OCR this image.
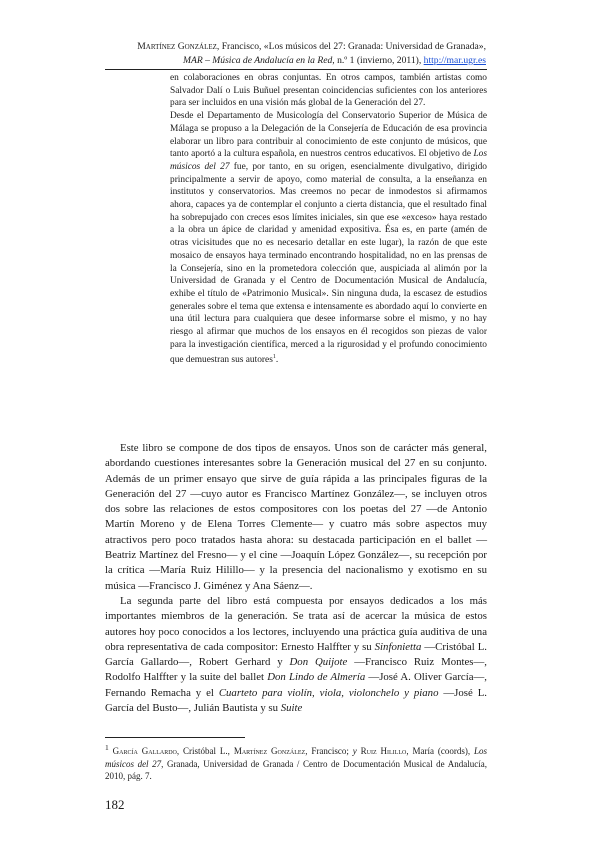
Martínez González, Francisco, «Los músicos del 27: Granada: Universidad de Granada»,
MAR – Música de Andalucía en la Red, n.º 1 (invierno, 2011), http://mar.ugr.es

en colaboraciones en obras conjuntas. En otros campos, también artistas como Salvador Dalí o Luis Buñuel presentan coincidencias suficientes con los anteriores para ser incluidos en una visión más global de la Generación del 27.

Desde el Departamento de Musicología del Conservatorio Superior de Música de Málaga se propuso a la Delegación de la Consejería de Educación de esa provincia elaborar un libro para contribuir al conocimiento de este conjunto de músicos, que tanto aportó a la cultura española, en nuestros centros educativos. El objetivo de Los músicos del 27 fue, por tanto, en su origen, esencialmente divulgativo, dirigido principalmente a servir de apoyo, como material de consulta, a la enseñanza en institutos y conservatorios. Mas creemos no pecar de inmodestos si afirmamos ahora, capaces ya de contemplar el conjunto a cierta distancia, que el resultado final ha sobrepujado con creces esos límites iniciales, sin que ese «exceso» haya restado a la obra un ápice de claridad y amenidad expositiva. Ésa es, en parte (amén de otras vicisitudes que no es necesario detallar en este lugar), la razón de que este mosaico de ensayos haya terminado encontrando hospitalidad, no en las prensas de la Consejería, sino en la prometedora colección que, auspiciada al alimón por la Universidad de Granada y el Centro de Documentación Musical de Andalucía, exhibe el título de «Patrimonio Musical». Sin ninguna duda, la escasez de estudios generales sobre el tema que extensa e intensamente es abordado aquí lo convierte en una útil lectura para cualquiera que desee informarse sobre el mismo, y no hay riesgo al afirmar que muchos de los ensayos en él recogidos son piezas de valor para la investigación científica, merced a la rigurosidad y el profundo conocimiento que demuestran sus autores$^1$.

Este libro se compone de dos tipos de ensayos. Unos son de carácter más general, abordando cuestiones interesantes sobre la Generación musical del 27 en su conjunto. Además de un primer ensayo que sirve de guía rápida a las principales figuras de la Generación del 27 —cuyo autor es Francisco Martínez González—, se incluyen otros dos sobre las relaciones de estos compositores con los poetas del 27 —de Antonio Martín Moreno y de Elena Torres Clemente— y cuatro más sobre aspectos muy atractivos pero poco tratados hasta ahora: su destacada participación en el ballet —Beatriz Martínez del Fresno— y el cine —Joaquín López González—, su recepción por la crítica —María Ruiz Hilillo— y la presencia del nacionalismo y exotismo en su música —Francisco J. Giménez y Ana Sáenz—.

La segunda parte del libro está compuesta por ensayos dedicados a los más importantes miembros de la generación. Se trata así de acercar la música de estos autores hoy poco conocidos a los lectores, incluyendo una práctica guía auditiva de una obra representativa de cada compositor: Ernesto Halffter y su Sinfonietta —Cristóbal L. García Gallardo—, Robert Gerhard y Don Quijote —Francisco Ruiz Montes—, Rodolfo Halffter y la suite del ballet Don Lindo de Almería —José A. Oliver García—, Fernando Remacha y el Cuarteto para violín, viola, violonchelo y piano —José L. García del Busto—, Julián Bautista y su Suite

$^1$ García Gallardo, Cristóbal L., Martínez González, Francisco; y Ruiz Hilillo, María (coords), Los músicos del 27, Granada, Universidad de Granada / Centro de Documentación Musical de Andalucía, 2010, pág. 7.
182
